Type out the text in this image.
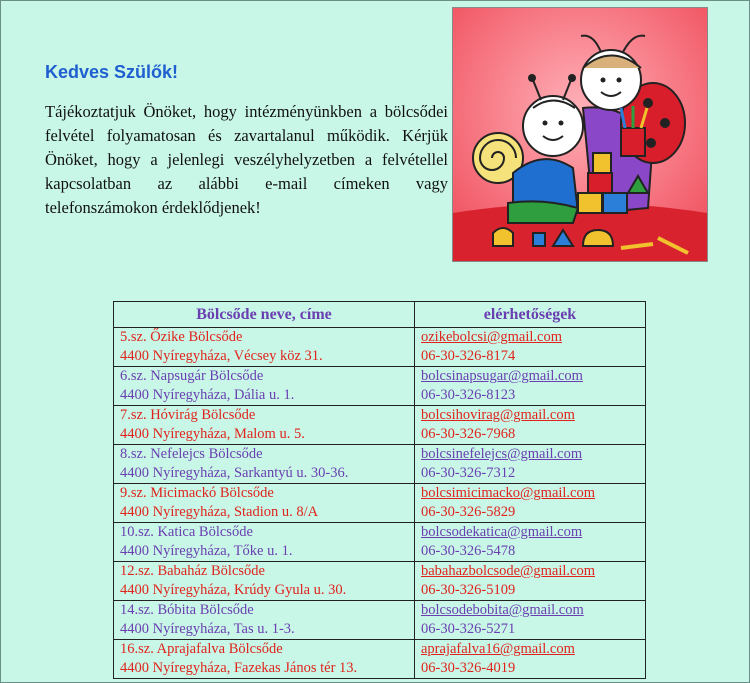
Kedves Szülők!
Tájékoztatjuk Önöket, hogy intézményünkben a bölcsődei felvétel folyamatosan és zavartalanul működik. Kérjük Önöket, hogy a jelenlegi veszélyhelyzetben a felvétellel kapcsolatban az alábbi e-mail címeken vagy telefonszámokon érdeklődjenek!
Bölcsőde neve, címe	elérhetőségek

5.sz. Őzike Bölcsőde
4400 Nyíregyháza, Vécsey köz 31.	ozikebolcsi@gmail.com
06-30-326-8174

6.sz. Napsugár Bölcsőde
4400 Nyíregyháza, Dália u. 1.	bolcsinapsugar@gmail.com
06-30-326-8123

7.sz. Hóvirág Bölcsőde
4400 Nyíregyháza, Malom u. 5.	bolcsihovirag@gmail.com
06-30-326-7968

8.sz. Nefelejcs Bölcsőde
4400 Nyíregyháza, Sarkantyú u. 30-36.	bolcsinefelejcs@gmail.com
06-30-326-7312

9.sz. Micimackó Bölcsőde
4400 Nyíregyháza, Stadion u. 8/A	bolcsimicimacko@gmail.com
06-30-326-5829

10.sz. Katica Bölcsőde
4400 Nyíregyháza, Tőke u. 1.	bolcsodekatica@gmail.com
06-30-326-5478

12.sz. Babaház Bölcsőde
4400 Nyíregyháza, Krúdy Gyula u. 30.	babahazbolcsode@gmail.com
06-30-326-5109

14.sz. Bóbita Bölcsőde
4400 Nyíregyháza, Tas u. 1-3.	bolcsodebobita@gmail.com
06-30-326-5271

16.sz. Aprajafalva Bölcsőde
4400 Nyíregyháza, Fazekas János tér 13.	aprajafalva16@gmail.com
06-30-326-4019
